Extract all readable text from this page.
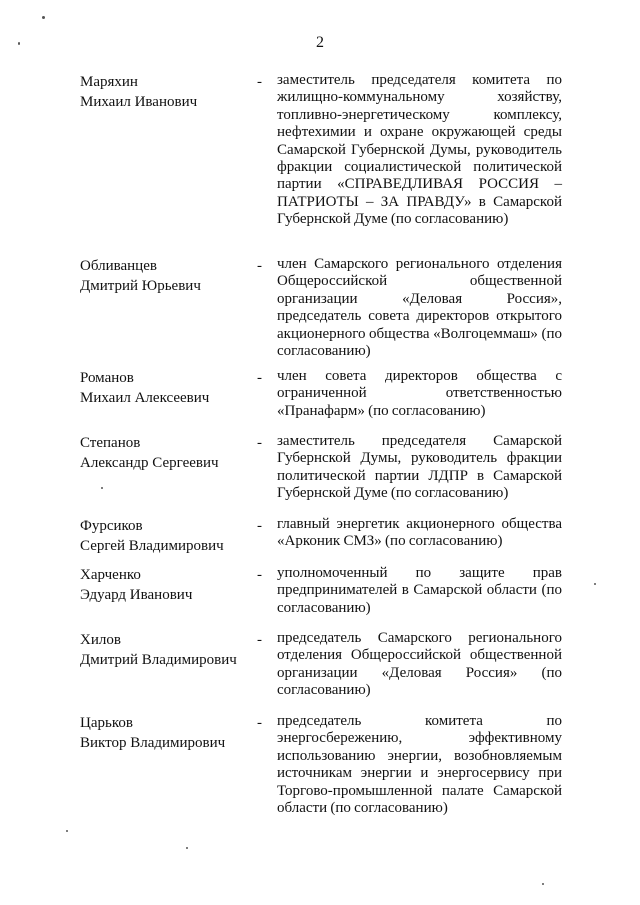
2
Маряхин
Михаил Иванович
- заместитель председателя комитета по жилищно-коммунальному хозяйству, топливно-энергетическому комплексу, нефтехимии и охране окружающей среды Самарской Губернской Думы, руководитель фракции социалистической политической партии «СПРАВЕДЛИВАЯ РОССИЯ – ПАТРИОТЫ – ЗА ПРАВДУ» в Самарской Губернской Думе (по согласованию)
Обливанцев
Дмитрий Юрьевич
- член Самарского регионального отделения Общероссийской общественной организации «Деловая Россия», председатель совета директоров открытого акционерного общества «Волгоцеммаш» (по согласованию)
Романов
Михаил Алексеевич
- член совета директоров общества с ограниченной ответственностью «Пранафарм» (по согласованию)
Степанов
Александр Сергеевич
- заместитель председателя Самарской Губернской Думы, руководитель фракции политической партии ЛДПР в Самарской Губернской Думе (по согласованию)
Фурсиков
Сергей Владимирович
- главный энергетик акционерного общества «Арконик СМЗ» (по согласованию)
Харченко
Эдуард Иванович
- уполномоченный по защите прав предпринимателей в Самарской области (по согласованию)
Хилов
Дмитрий Владимирович
- председатель Самарского регионального отделения Общероссийской общественной организации «Деловая Россия» (по согласованию)
Царьков
Виктор Владимирович
- председатель комитета по энергосбережению, эффективному использованию энергии, возобновляемым источникам энергии и энергосервису при Торгово-промышленной палате Самарской области (по согласованию)
